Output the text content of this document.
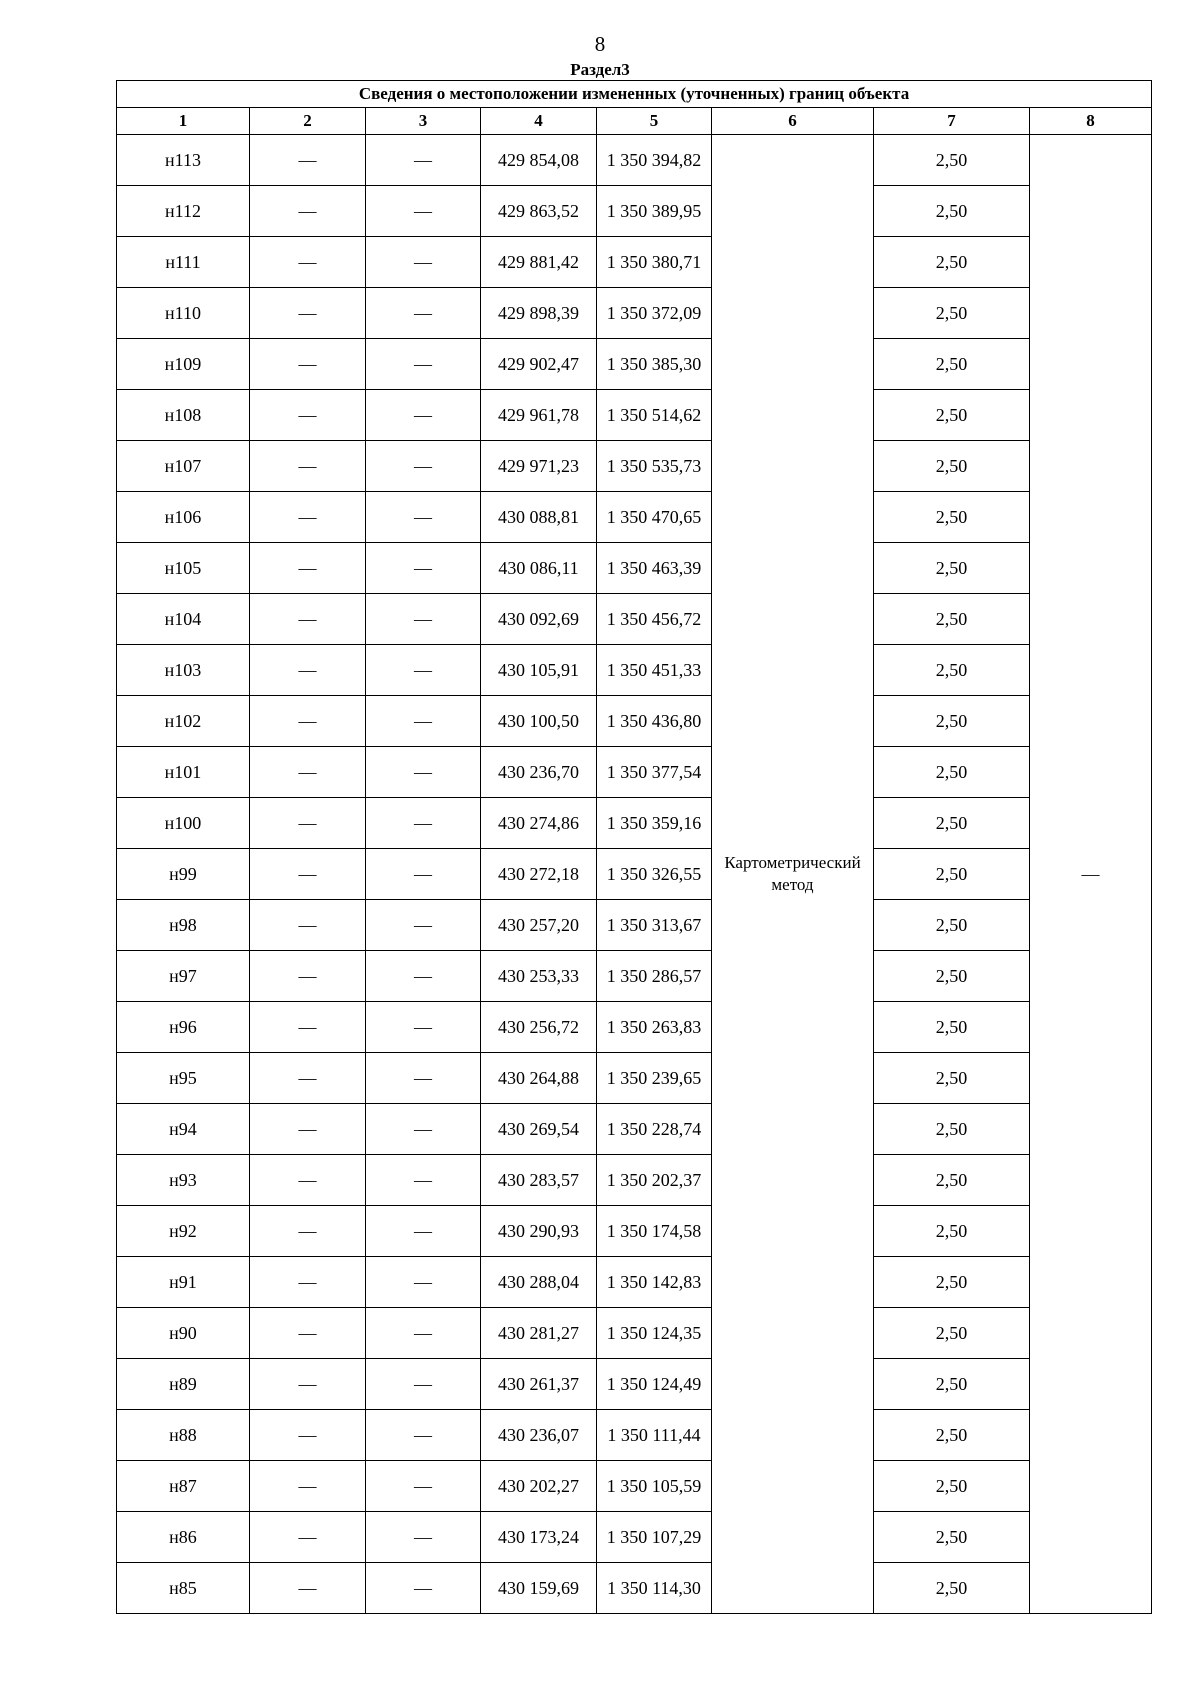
8
Раздел3
Сведения о местоположении измененных (уточненных) границ объекта							
1	2	3	4	5	6	7	8
н113	—	—	429 854,08	1 350 394,82	Картометрический метод	2,50	—
н112	—	—	429 863,52	1 350 389,95		2,50	
н111	—	—	429 881,42	1 350 380,71		2,50	
н110	—	—	429 898,39	1 350 372,09		2,50	
н109	—	—	429 902,47	1 350 385,30		2,50	
н108	—	—	429 961,78	1 350 514,62		2,50	
н107	—	—	429 971,23	1 350 535,73		2,50	
н106	—	—	430 088,81	1 350 470,65		2,50	
н105	—	—	430 086,11	1 350 463,39		2,50	
н104	—	—	430 092,69	1 350 456,72		2,50	
н103	—	—	430 105,91	1 350 451,33		2,50	
н102	—	—	430 100,50	1 350 436,80		2,50	
н101	—	—	430 236,70	1 350 377,54		2,50	
н100	—	—	430 274,86	1 350 359,16		2,50	
н99	—	—	430 272,18	1 350 326,55		2,50	
н98	—	—	430 257,20	1 350 313,67		2,50	
н97	—	—	430 253,33	1 350 286,57		2,50	
н96	—	—	430 256,72	1 350 263,83		2,50	
н95	—	—	430 264,88	1 350 239,65		2,50	
н94	—	—	430 269,54	1 350 228,74		2,50	
н93	—	—	430 283,57	1 350 202,37		2,50	
н92	—	—	430 290,93	1 350 174,58		2,50	
н91	—	—	430 288,04	1 350 142,83		2,50	
н90	—	—	430 281,27	1 350 124,35		2,50	
н89	—	—	430 261,37	1 350 124,49		2,50	
н88	—	—	430 236,07	1 350 111,44		2,50	
н87	—	—	430 202,27	1 350 105,59		2,50	
н86	—	—	430 173,24	1 350 107,29		2,50	
н85	—	—	430 159,69	1 350 114,30		2,50	
